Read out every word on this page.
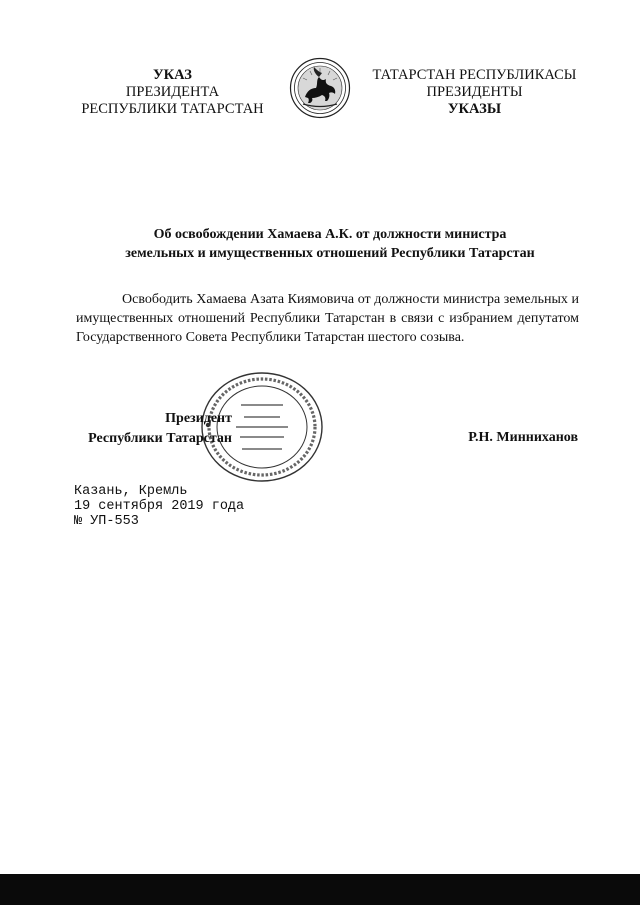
УКАЗ
ПРЕЗИДЕНТА
РЕСПУБЛИКИ ТАТАРСТАН
ТАТАРСТАН РЕСПУБЛИКАСЫ
ПРЕЗИДЕНТЫ
УКАЗЫ
Об освобождении Хамаева А.К. от должности министра
земельных и имущественных отношений Республики Татарстан
Освободить Хамаева Азата Киямовича от должности министра земельных и имущественных отношений Республики Татарстан в связи с избранием депутатом Государственного Совета Республики Татарстан шестого созыва.
Президент
Республики Татарстан	Р.Н. Минниханов
Казань, Кремль
19 сентября 2019 года
№ УП-553
